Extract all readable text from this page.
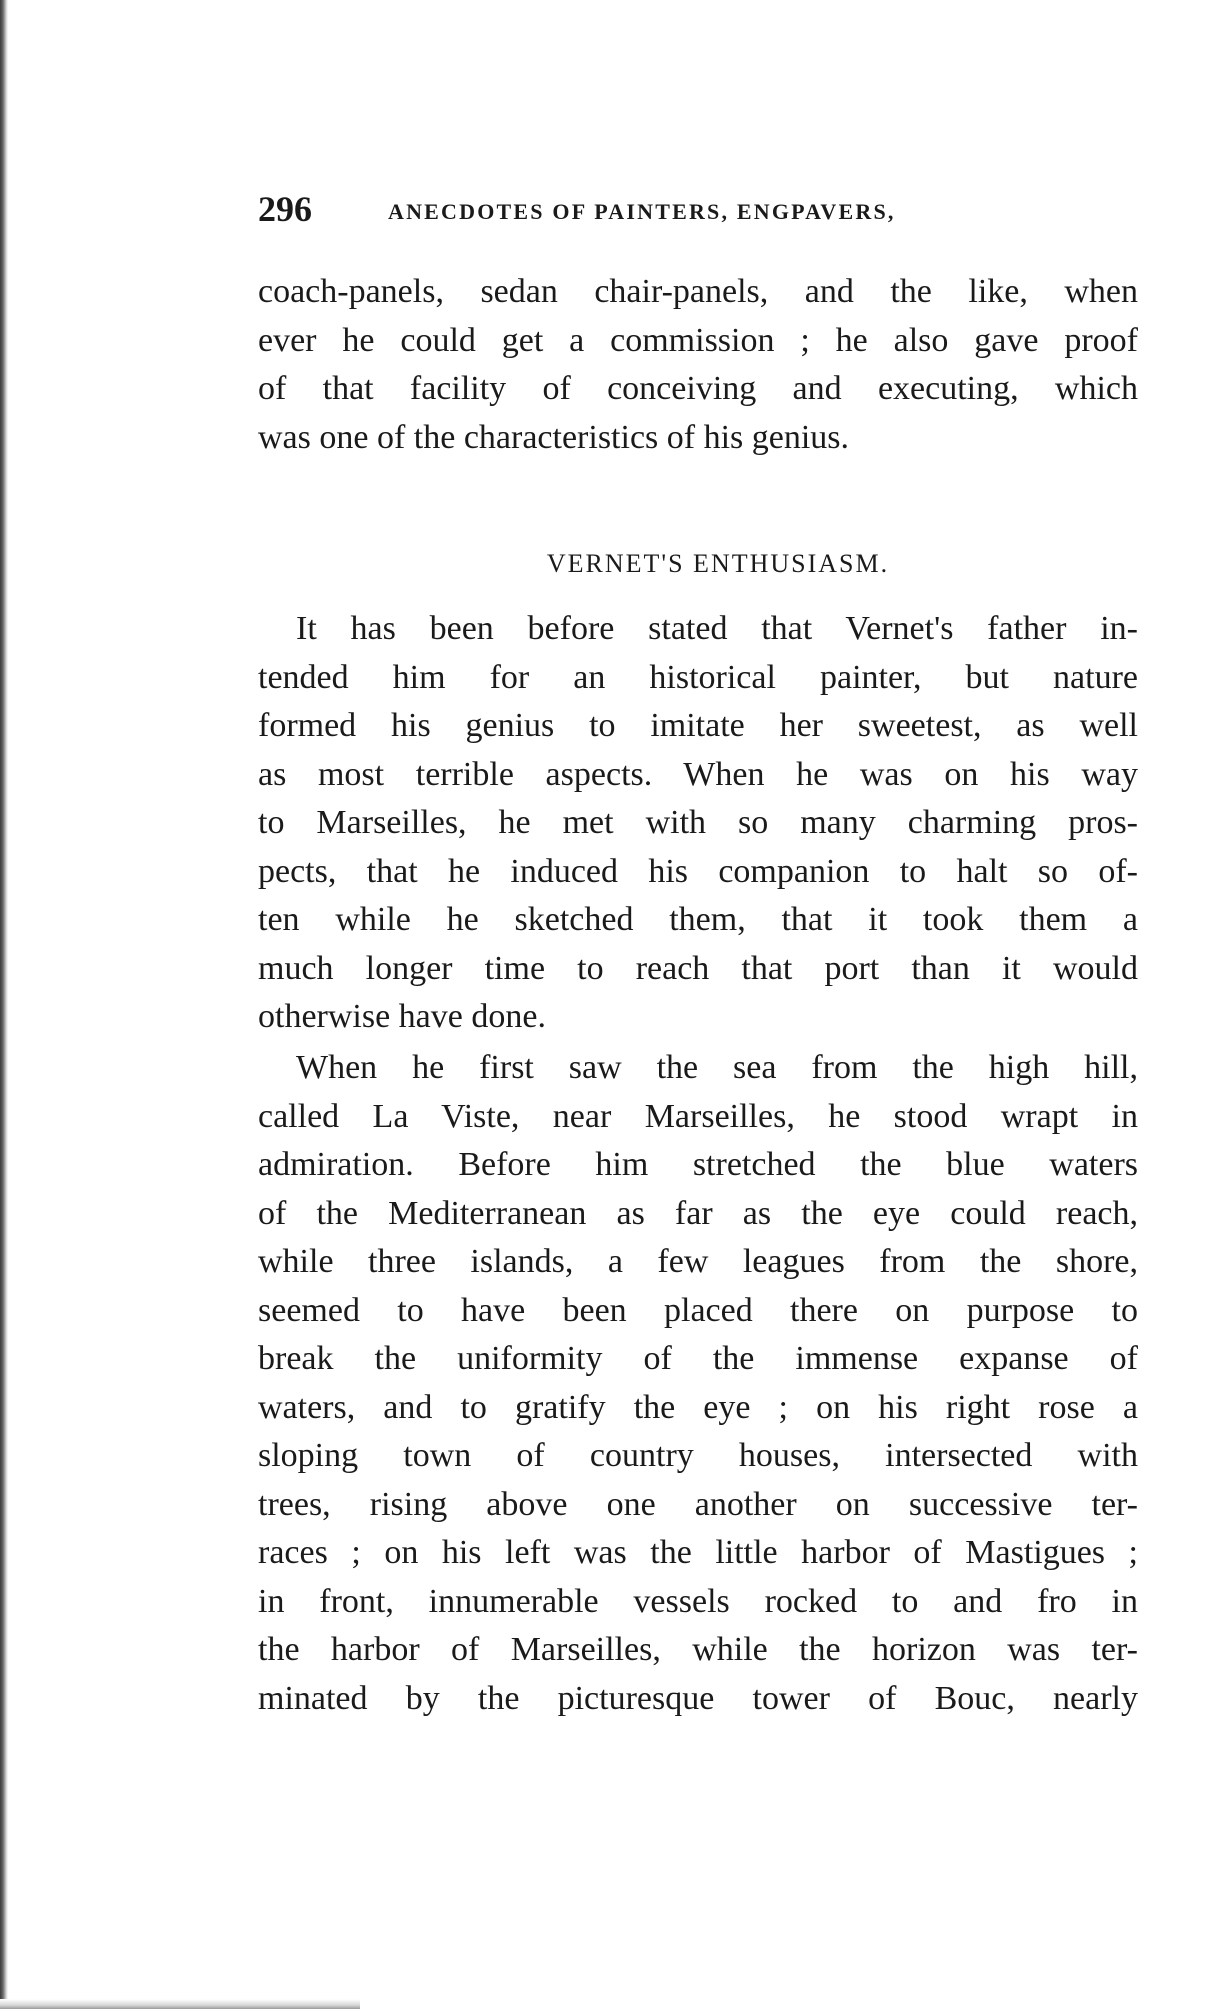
296	ANECDOTES OF PAINTERS, ENGPAVERS,
coach-panels, sedan chair-panels, and the like, when
ever he could get a commission ; he also gave proof
of that facility of conceiving and executing, which
was one of the characteristics of his genius.
VERNET'S ENTHUSIASM.
It has been before stated that Vernet's father in-
tended him for an historical painter, but nature
formed his genius to imitate her sweetest, as well
as most terrible aspects. When he was on his way
to Marseilles, he met with so many charming pros-
pects, that he induced his companion to halt so of-
ten while he sketched them, that it took them a
much longer time to reach that port than it would
otherwise have done.
When he first saw the sea from the high hill,
called La Viste, near Marseilles, he stood wrapt in
admiration. Before him stretched the blue waters
of the Mediterranean as far as the eye could reach,
while three islands, a few leagues from the shore,
seemed to have been placed there on purpose to
break the uniformity of the immense expanse of
waters, and to gratify the eye ; on his right rose a
sloping town of country houses, intersected with
trees, rising above one another on successive ter-
races ; on his left was the little harbor of Mastigues ;
in front, innumerable vessels rocked to and fro in
the harbor of Marseilles, while the horizon was ter-
minated by the picturesque tower of Bouc, nearly
